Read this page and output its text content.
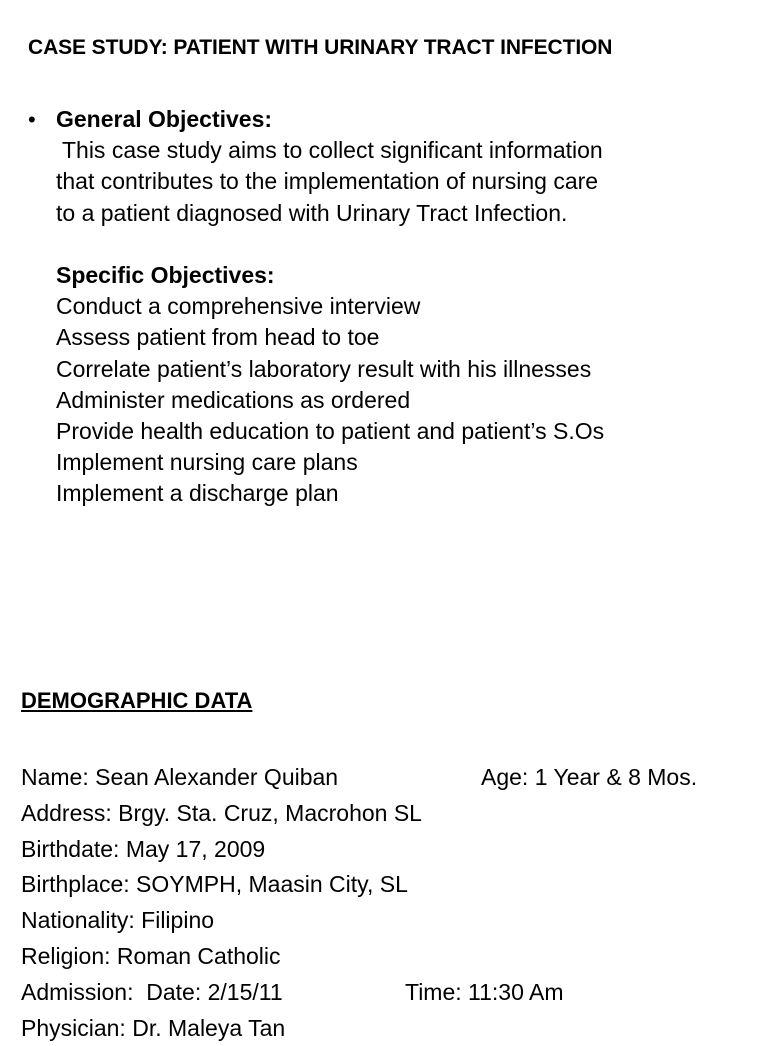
CASE STUDY: PATIENT WITH URINARY TRACT INFECTION
• General Objectives:
This case study aims to collect significant information
that contributes to the implementation of nursing care
to a patient diagnosed with Urinary Tract Infection.
Specific Objectives:
Conduct a comprehensive interview
Assess patient from head to toe
Correlate patient’s laboratory result with his illnesses
Administer medications as ordered
Provide health education to patient and patient’s S.Os
Implement nursing care plans
Implement a discharge plan
DEMOGRAPHIC DATA
Name: Sean Alexander Quiban	Age: 1 Year & 8 Mos.
Address: Brgy. Sta. Cruz, Macrohon SL
Birthdate: May 17, 2009
Birthplace: SOYMPH, Maasin City, SL
Nationality: Filipino
Religion: Roman Catholic
Admission:  Date: 2/15/11	Time: 11:30 Am
Physician: Dr. Maleya Tan
